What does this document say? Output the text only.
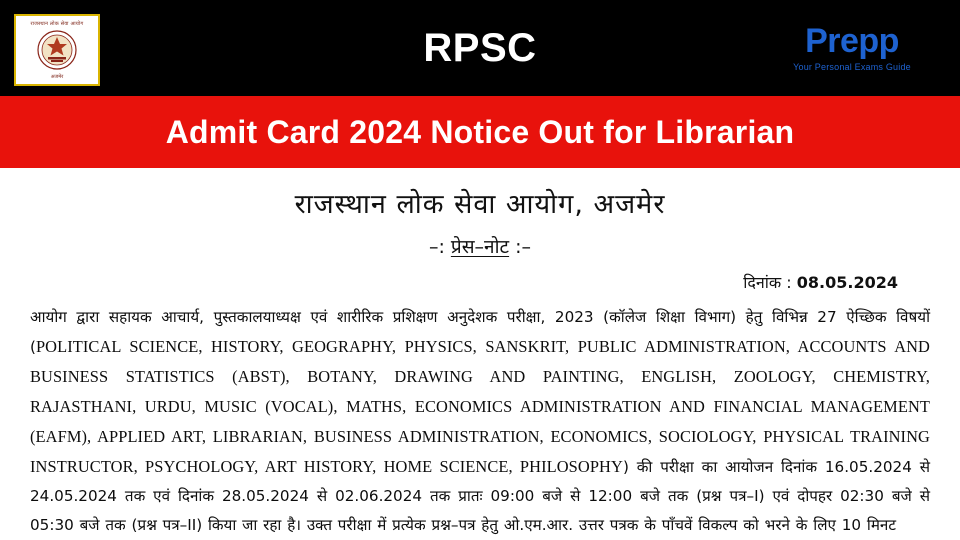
राजस्थान लोक सेवा आयोग
अजमेर
RPSC	Prepp
Your Personal Exams Guide
Admit Card 2024 Notice Out for Librarian
राजस्थान लोक सेवा आयोग, अजमेर
–: प्रेस–नोट :–
दिनांक : 08.05.2024
आयोग द्वारा सहायक आचार्य, पुस्तकालयाध्यक्ष एवं शारीरिक प्रशिक्षण अनुदेशक परीक्षा, 2023 (कॉलेज शिक्षा विभाग) हेतु विभिन्न 27 ऐच्छिक विषयों (POLITICAL SCIENCE, HISTORY, GEOGRAPHY, PHYSICS, SANSKRIT, PUBLIC ADMINISTRATION, ACCOUNTS AND BUSINESS STATISTICS (ABST), BOTANY, DRAWING AND PAINTING, ENGLISH, ZOOLOGY, CHEMISTRY, RAJASTHANI, URDU, MUSIC (VOCAL), MATHS, ECONOMICS ADMINISTRATION AND FINANCIAL MANAGEMENT (EAFM), APPLIED ART, LIBRARIAN, BUSINESS ADMINISTRATION, ECONOMICS, SOCIOLOGY, PHYSICAL TRAINING INSTRUCTOR, PSYCHOLOGY, ART HISTORY, HOME SCIENCE, PHILOSOPHY) की परीक्षा का आयोजन दिनांक 16.05.2024 से 24.05.2024 तक एवं दिनांक 28.05.2024 से 02.06.2024 तक प्रातः 09:00 बजे से 12:00 बजे तक (प्रश्न पत्र–I) एवं दोपहर 02:30 बजे से 05:30 बजे तक (प्रश्न पत्र–II) किया जा रहा है। उक्त परीक्षा में प्रत्येक प्रश्न–पत्र हेतु ओ.एम.आर. उत्तर पत्रक के पाँचवें विकल्प को भरने के लिए 10 मिनट
